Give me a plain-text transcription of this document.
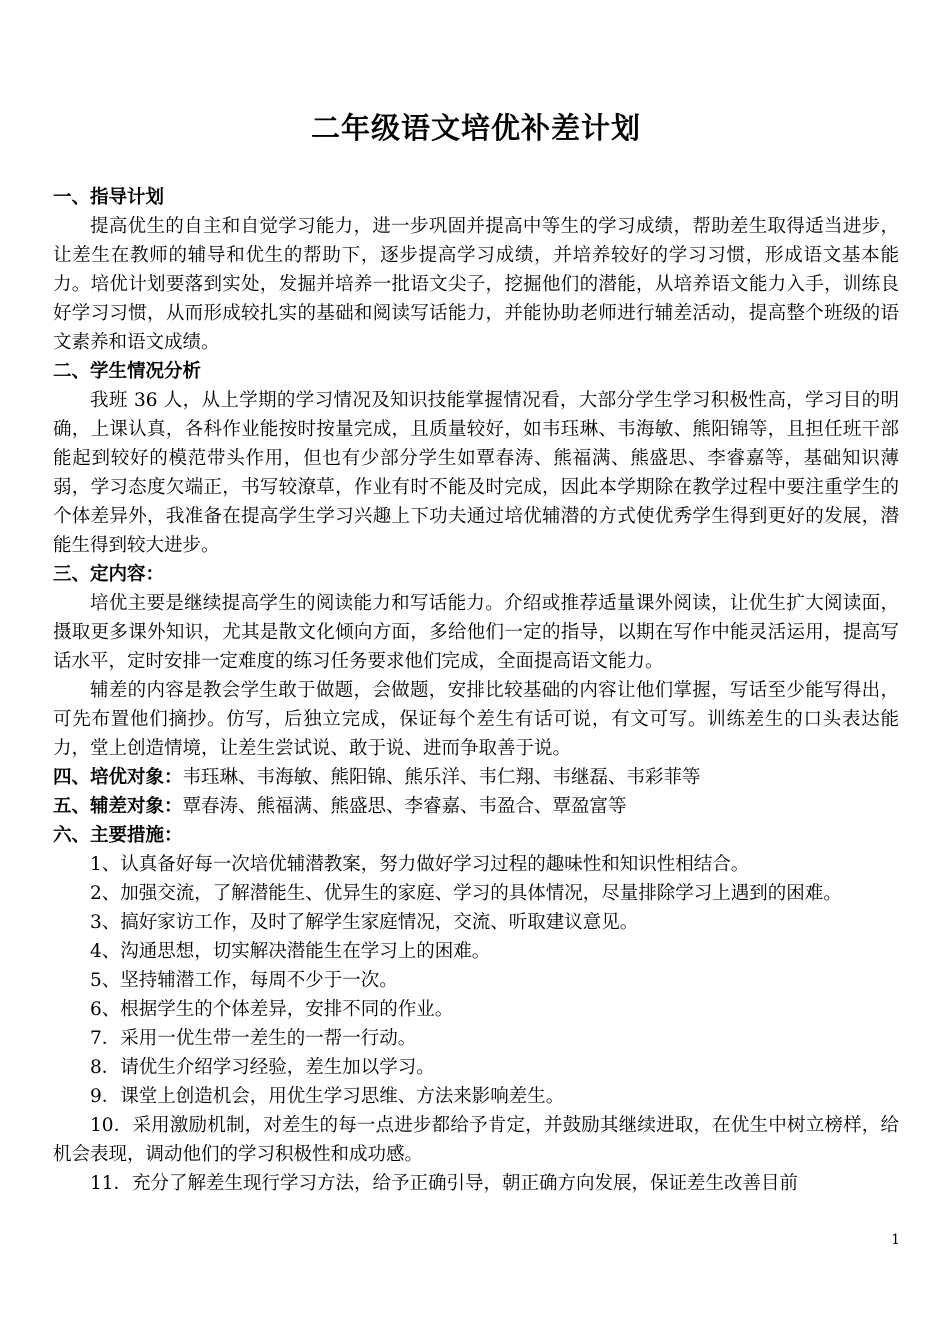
二年级语文培优补差计划

一、指导计划

提高优生的自主和自觉学习能力，进一步巩固并提高中等生的学习成绩，帮助差生取得适当进步，让差生在教师的辅导和优生的帮助下，逐步提高学习成绩，并培养较好的学习习惯，形成语文基本能力。培优计划要落到实处，发掘并培养一批语文尖子，挖掘他们的潜能，从培养语文能力入手，训练良好学习习惯，从而形成较扎实的基础和阅读写话能力，并能协助老师进行辅差活动，提高整个班级的语文素养和语文成绩。

二、学生情况分析

我班 36 人，从上学期的学习情况及知识技能掌握情况看，大部分学生学习积极性高，学习目的明确，上课认真，各科作业能按时按量完成，且质量较好，如韦珏琳、韦海敏、熊阳锦等，且担任班干部能起到较好的模范带头作用，但也有少部分学生如覃春涛、熊福满、熊盛思、李睿嘉等，基础知识薄弱，学习态度欠端正，书写较潦草，作业有时不能及时完成，因此本学期除在教学过程中要注重学生的个体差异外，我准备在提高学生学习兴趣上下功夫通过培优辅潜的方式使优秀学生得到更好的发展，潜能生得到较大进步。

三、定内容：

培优主要是继续提高学生的阅读能力和写话能力。介绍或推荐适量课外阅读，让优生扩大阅读面，摄取更多课外知识，尤其是散文化倾向方面，多给他们一定的指导，以期在写作中能灵活运用，提高写话水平，定时安排一定难度的练习任务要求他们完成，全面提高语文能力。

辅差的内容是教会学生敢于做题，会做题，安排比较基础的内容让他们掌握，写话至少能写得出，可先布置他们摘抄。仿写，后独立完成，保证每个差生有话可说，有文可写。训练差生的口头表达能力，堂上创造情境，让差生尝试说、敢于说、进而争取善于说。

四、培优对象：韦珏琳、韦海敏、熊阳锦、熊乐洋、韦仁翔、韦继磊、韦彩菲等

五、辅差对象：覃春涛、熊福满、熊盛思、李睿嘉、韦盈合、覃盈富等

六、主要措施：

1、认真备好每一次培优辅潜教案，努力做好学习过程的趣味性和知识性相结合。

2、加强交流，了解潜能生、优异生的家庭、学习的具体情况，尽量排除学习上遇到的困难。

3、搞好家访工作，及时了解学生家庭情况，交流、听取建议意见。

4、沟通思想，切实解决潜能生在学习上的困难。

5、坚持辅潜工作，每周不少于一次。

6、根据学生的个体差异，安排不同的作业。

7．采用一优生带一差生的一帮一行动。

8．请优生介绍学习经验，差生加以学习。

9．课堂上创造机会，用优生学习思维、方法来影响差生。

10．采用激励机制，对差生的每一点进步都给予肯定，并鼓励其继续进取，在优生中树立榜样，给机会表现，调动他们的学习积极性和成功感。

11．充分了解差生现行学习方法，给予正确引导，朝正确方向发展，保证差生改善目前

1
